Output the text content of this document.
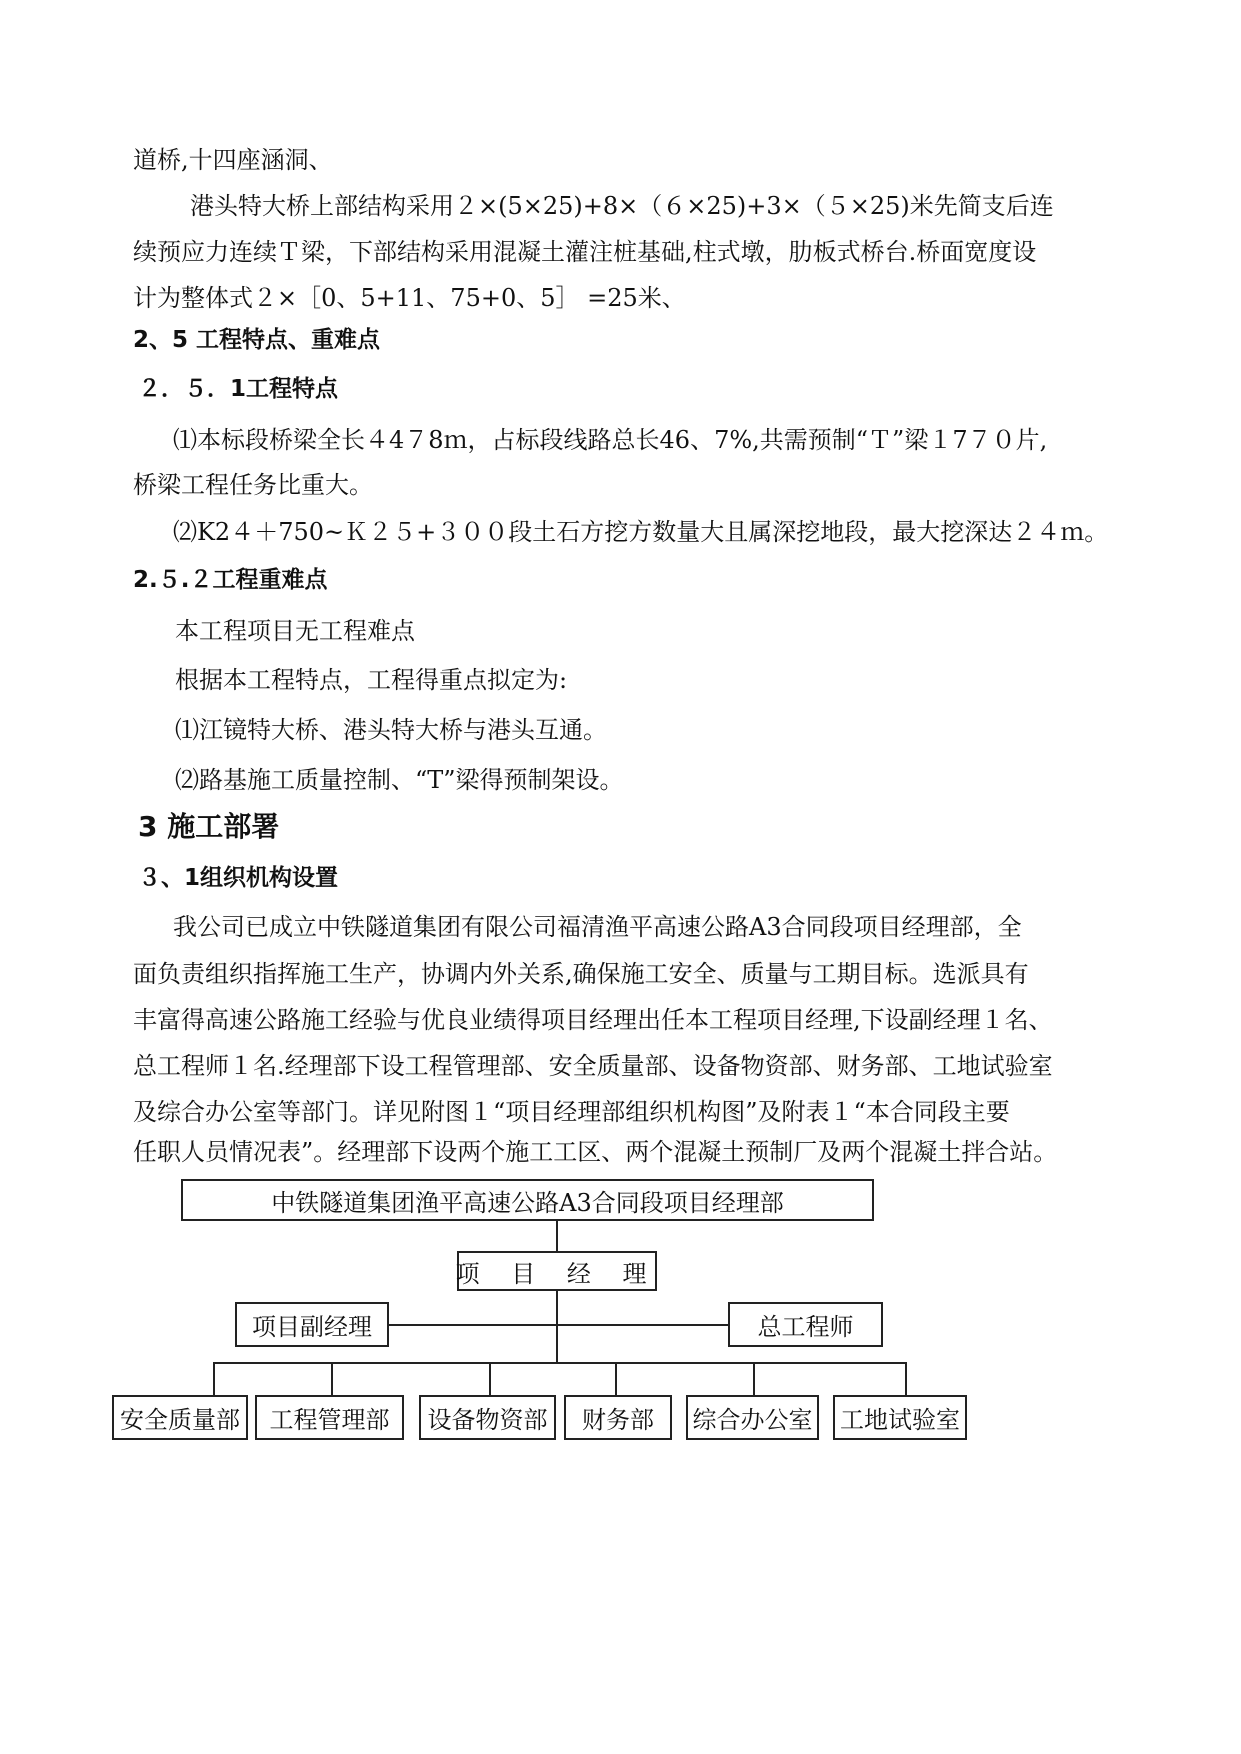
道桥,十四座涵洞、
港头特大桥上部结构采用２×(5×25)+8×（６×25)+3×（５×25)米先简支后连
续预应力连续Ｔ梁，下部结构采用混凝土灌注桩基础,柱式墩，肋板式桥台.桥面宽度设
计为整体式２×［0、5+11、75+0、5］ =25米、
2、5 工程特点、重难点
２．５．1工程特点
⑴本标段桥梁全长４4７8ｍ，占标段线路总长46、7%,共需预制“Ｔ”梁１7７０片,
桥梁工程任务比重大。
⑵K2４＋750~Ｋ２５+３００段土石方挖方数量大且属深挖地段，最大挖深达２４ｍ。
2.５.２工程重难点
本工程项目无工程难点
根据本工程特点，工程得重点拟定为:
⑴江镜特大桥、港头特大桥与港头互通。
⑵路基施工质量控制、“T”梁得预制架设。
3 施工部署
３、1组织机构设置
我公司已成立中铁隧道集团有限公司福清渔平高速公路A3合同段项目经理部，全
面负责组织指挥施工生产，协调内外关系,确保施工安全、质量与工期目标。选派具有
丰富得高速公路施工经验与优良业绩得项目经理出任本工程项目经理,下设副经理１名、
总工程师１名.经理部下设工程管理部、安全质量部、设备物资部、财务部、工地试验室
及综合办公室等部门。详见附图１“项目经理部组织机构图”及附表１“本合同段主要
任职人员情况表”。经理部下设两个施工工区、两个混凝土预制厂及两个混凝土拌合站。
中铁隧道集团渔平高速公路A3合同段项目经理部
项 目 经 理
项目副经理	总工程师
安全质量部	工程管理部	设备物资部	财务部	综合办公室 工地试验室
